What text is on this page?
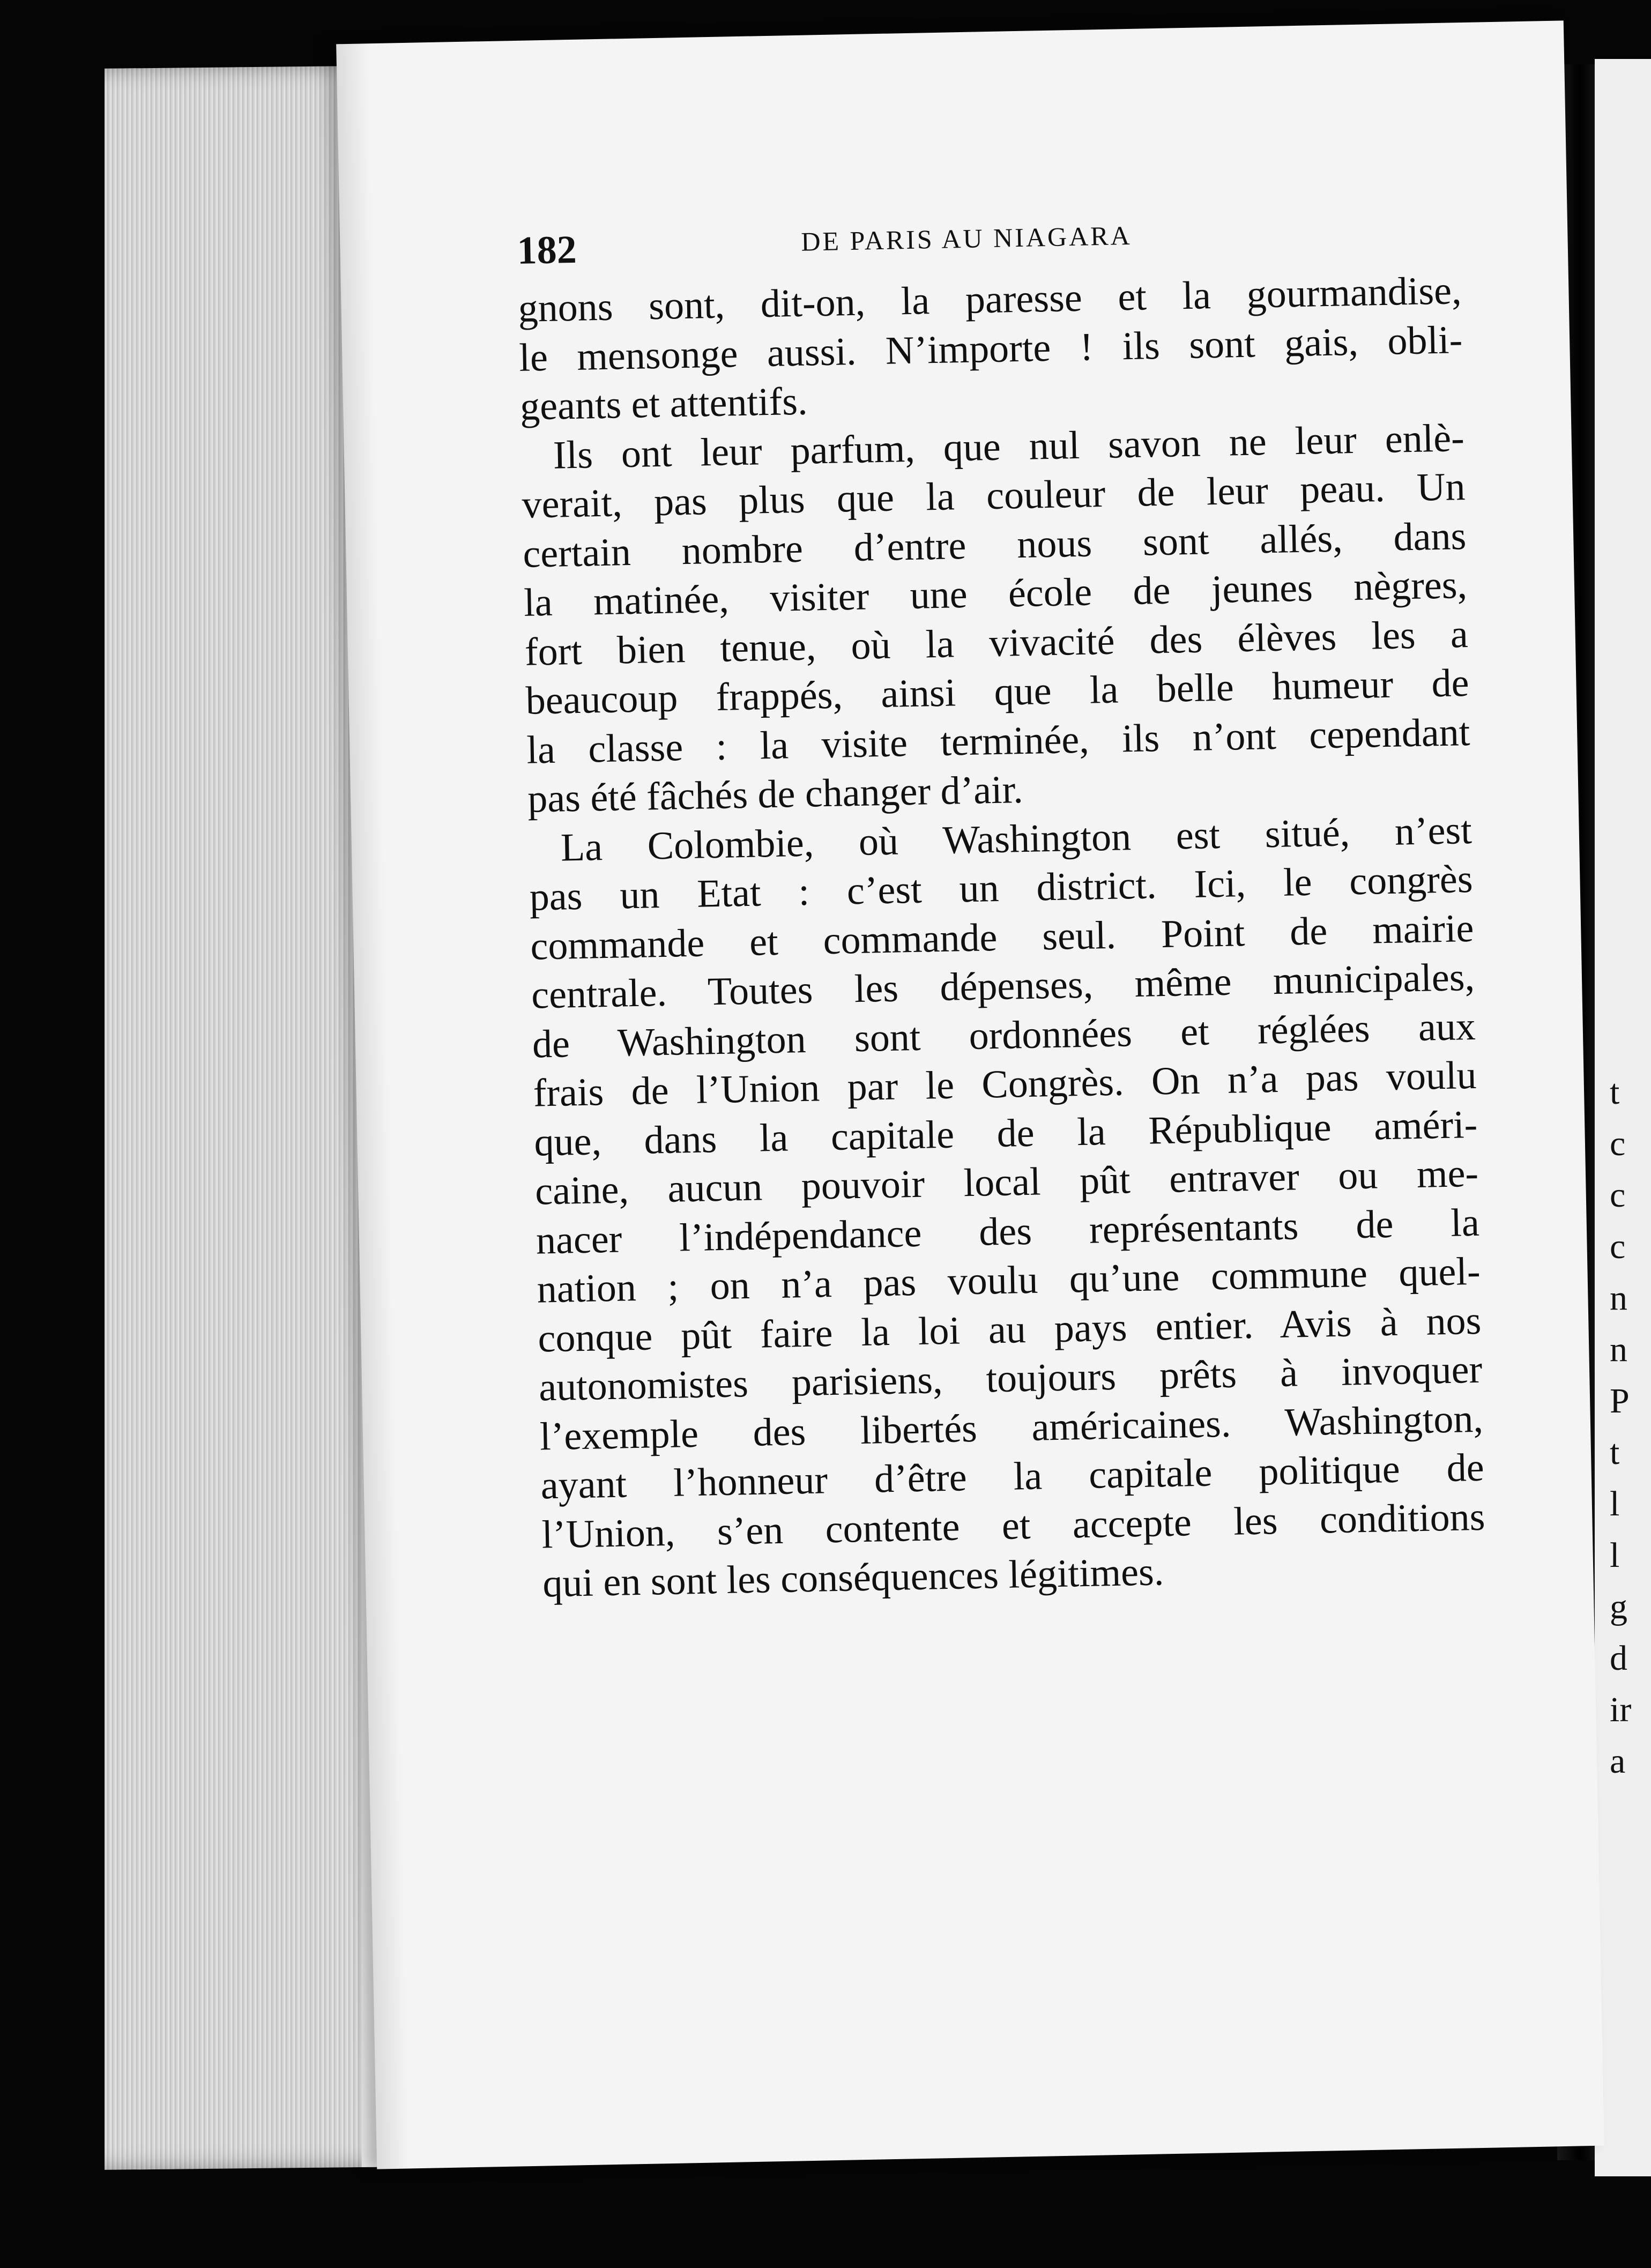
t
c
c
c
n
n
P
t
l
l
g
d
ir
a
182	DE PARIS AU NIAGARA
gnons sont, dit-on, la paresse et la gourmandise,
le mensonge aussi. N’importe ! ils sont gais, obli-
geants et attentifs.
Ils ont leur parfum, que nul savon ne leur enlè-
verait, pas plus que la couleur de leur peau. Un
certain nombre d’entre nous sont allés, dans
la matinée, visiter une école de jeunes nègres,
fort bien tenue, où la vivacité des élèves les a
beaucoup frappés, ainsi que la belle humeur de
la classe : la visite terminée, ils n’ont cependant
pas été fâchés de changer d’air.
La Colombie, où Washington est situé, n’est
pas un Etat : c’est un district. Ici, le congrès
commande et commande seul. Point de mairie
centrale. Toutes les dépenses, même municipales,
de Washington sont ordonnées et réglées aux
frais de l’Union par le Congrès. On n’a pas voulu
que, dans la capitale de la République améri-
caine, aucun pouvoir local pût entraver ou me-
nacer l’indépendance des représentants de la
nation ; on n’a pas voulu qu’une commune quel-
conque pût faire la loi au pays entier. Avis à nos
autonomistes parisiens, toujours prêts à invoquer
l’exemple des libertés américaines. Washington,
ayant l’honneur d’être la capitale politique de
l’Union, s’en contente et accepte les conditions
qui en sont les conséquences légitimes.
